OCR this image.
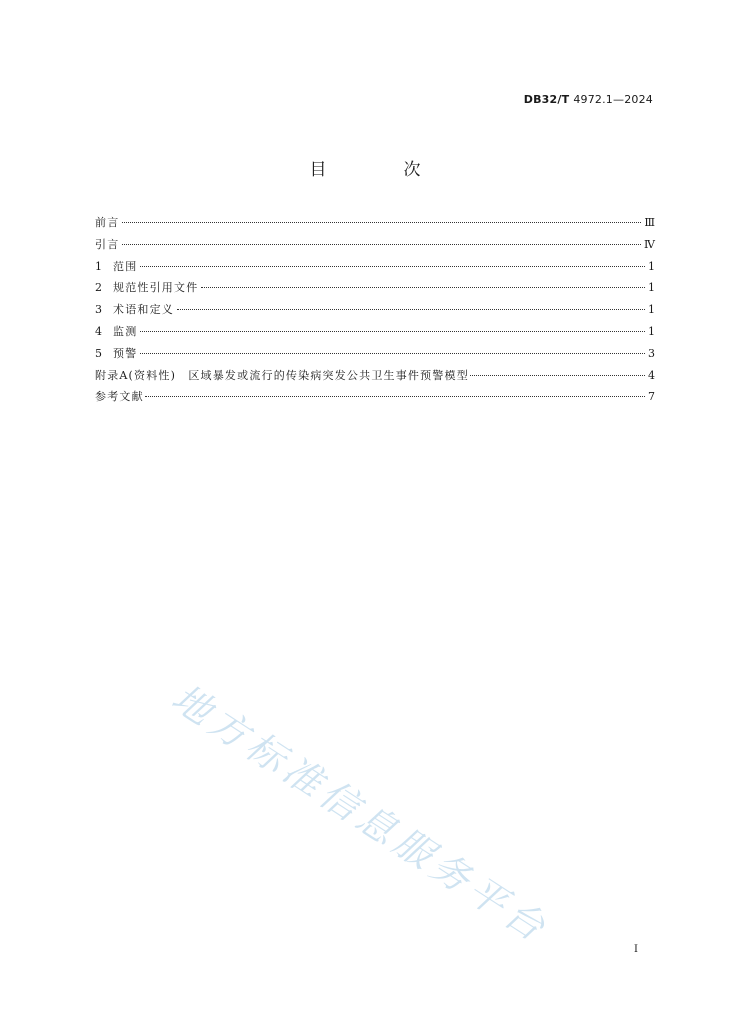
DB32/T 4972.1—2024
目　次
前言	Ⅲ
引言	Ⅳ
1	范围	1
2	规范性引用文件	1
3	术语和定义	1
4	监测	1
5	预警	3
附录A(资料性)　区域暴发或流行的传染病突发公共卫生事件预警模型	4
参考文献	7
地方标准信息服务平台	I
